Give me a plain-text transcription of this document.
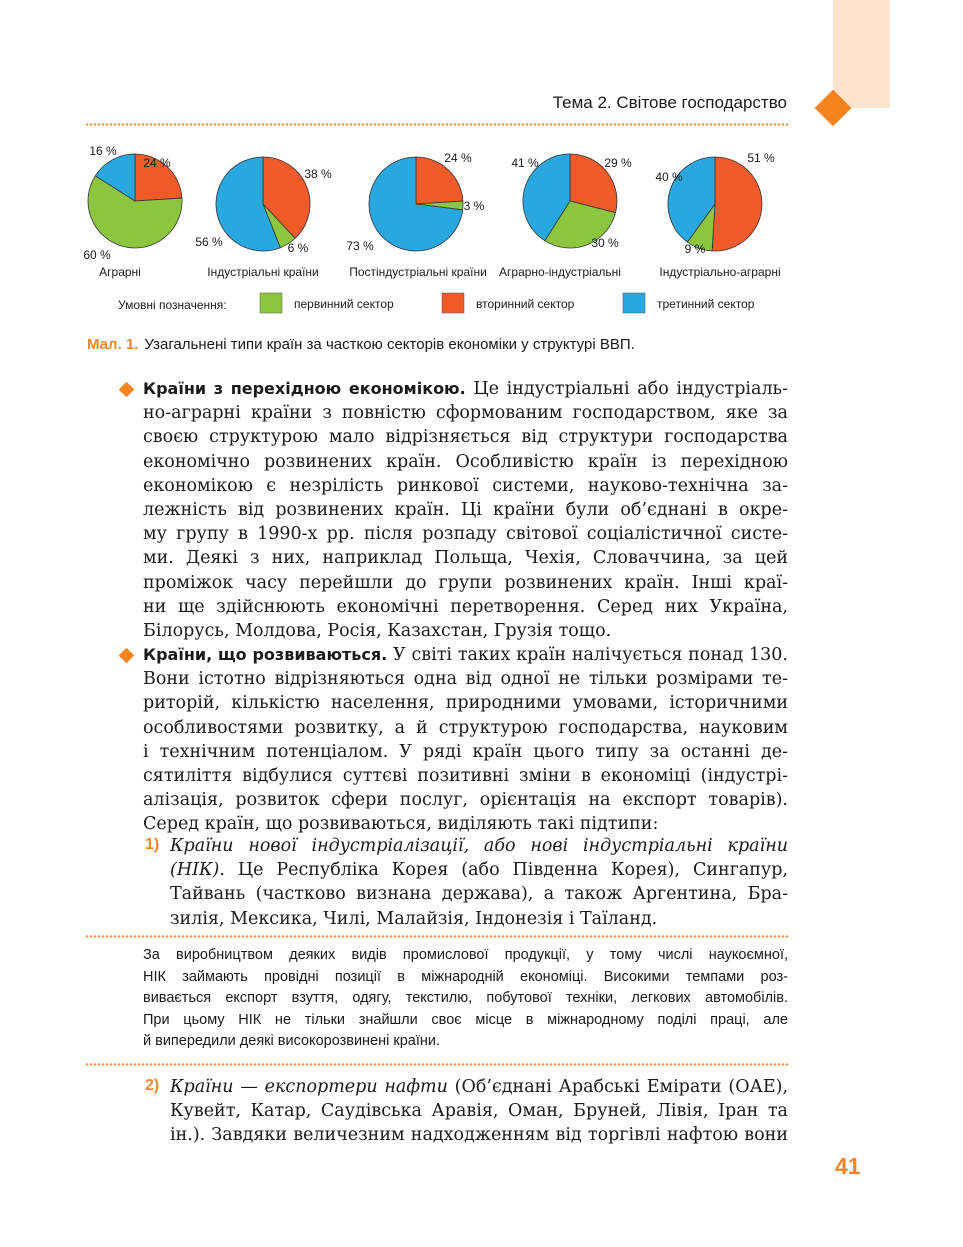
Тема 2. Світове господарство
60 %
24 %
16 %
Аграрні
6 %
38 %
56 %
Індустріальні країни
3 %
24 %
73 %
Постіндустріальні країни
30 %
29 %
41 %
Аграрно-індустріальні
9 %
51 %
40 %
Індустріально-аграрні
Умовні позначення:	первинний сектор	вторинний сектор	третинний сектор
Мал. 1. Узагальнені типи країн за часткою секторів економіки у структурі ВВП.
Країни з перехідною економікою. Це індустріальні або індустріаль-
но-аграрні країни з повністю сформованим господарством, яке за
своєю структурою мало відрізняється від структури господарства
економічно розвинених країн. Особливістю країн із перехідною
економікою є незрілість ринкової системи, науково-технічна за-
лежність від розвинених країн. Ці країни були об’єднані в окре-
му групу в 1990-х рр. після розпаду світової соціалістичної систе-
ми. Деякі з них, наприклад Польща, Чехія, Словаччина, за цей
проміжок часу перейшли до групи розвинених країн. Інші краї-
ни ще здійснюють економічні перетворення. Серед них Україна,
Білорусь, Молдова, Росія, Казахстан, Грузія тощо.
Країни, що розвиваються. У світі таких країн налічується понад 130.
Вони істотно відрізняються одна від одної не тільки розмірами те-
риторій, кількістю населення, природними умовами, історичними
особливостями розвитку, а й структурою господарства, науковим
і технічним потенціалом. У ряді країн цього типу за останні де-
сятиліття відбулися суттєві позитивні зміни в економіці (індустрі-
алізація, розвиток сфери послуг, орієнтація на експорт товарів).
Серед країн, що розвиваються, виділяють такі підтипи:
1) Країни нової індустріалізації, або нові індустріальні країни
(НІК). Це Республіка Корея (або Південна Корея), Сингапур,
Тайвань (частково визнана держава), а також Аргентина, Бра-
зилія, Мексика, Чилі, Малайзія, Індонезія і Таїланд.
За виробництвом деяких видів промислової продукції, у тому числі наукоємної,
НІК займають провідні позиції в міжнародній економіці. Високими темпами роз-
вивається експорт взуття, одягу, текстилю, побутової техніки, легкових автомобілів.
При цьому НІК не тільки знайшли своє місце в міжнародному поділі праці, але
й випередили деякі високорозвинені країни.
2) Країни — експортери нафти (Об’єднані Арабські Емірати (ОАЕ),
Кувейт, Катар, Саудівська Аравія, Оман, Бруней, Лівія, Іран та
ін.). Завдяки величезним надходженням від торгівлі нафтою вони
41
